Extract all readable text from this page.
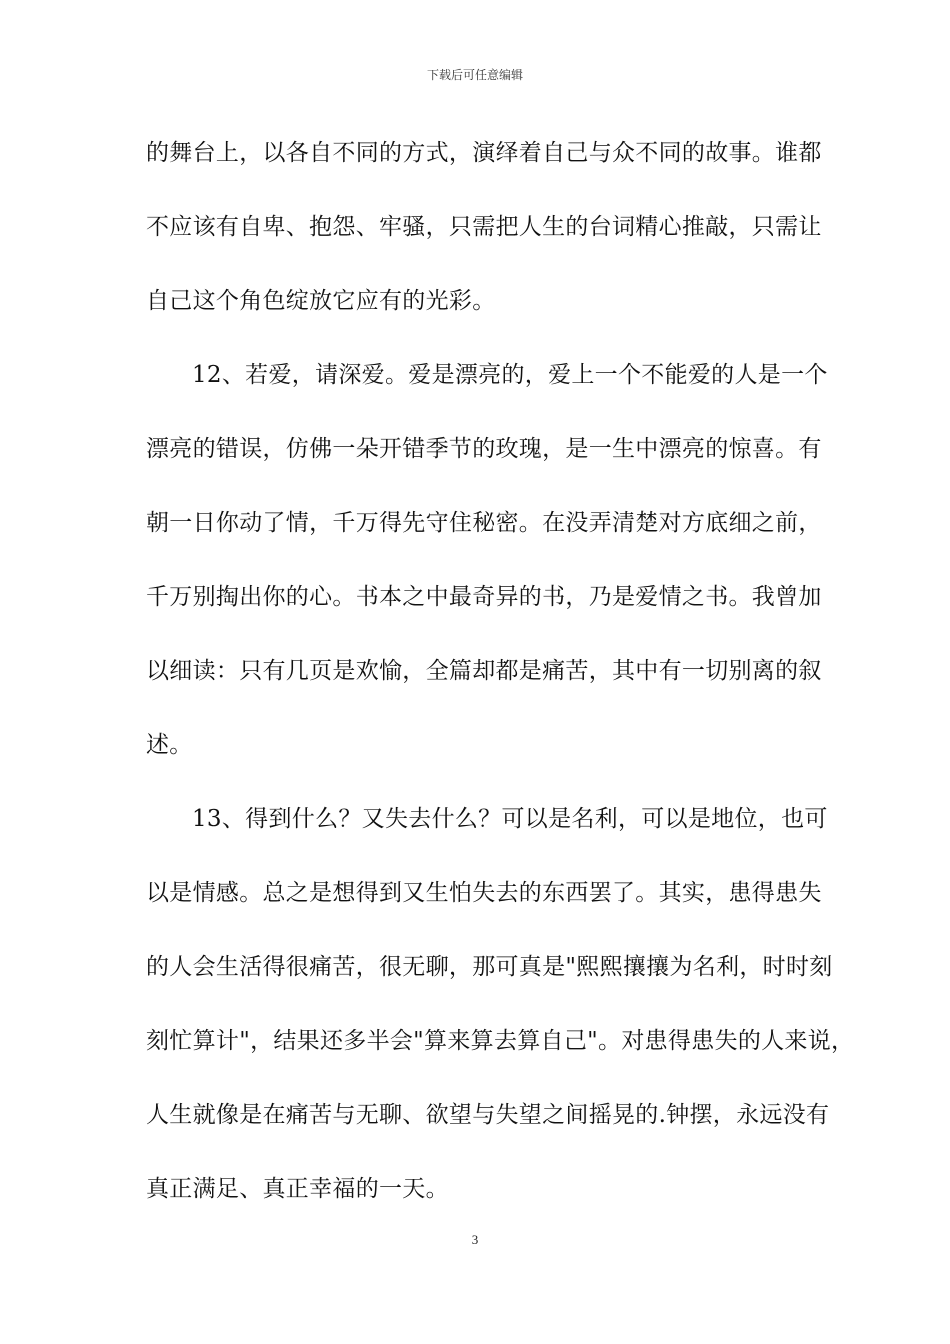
下载后可任意编辑
的舞台上，以各自不同的方式，演绎着自己与众不同的故事。谁都
不应该有自卑、抱怨、牢骚，只需把人生的台词精心推敲，只需让
自己这个角色绽放它应有的光彩。
12、若爱，请深爱。爱是漂亮的，爱上一个不能爱的人是一个
漂亮的错误，仿佛一朵开错季节的玫瑰，是一生中漂亮的惊喜。有
朝一日你动了情，千万得先守住秘密。在没弄清楚对方底细之前，
千万别掏出你的心。书本之中最奇异的书，乃是爱情之书。我曾加
以细读：只有几页是欢愉，全篇却都是痛苦，其中有一切别离的叙
述。
13、得到什么？又失去什么？可以是名利，可以是地位，也可
以是情感。总之是想得到又生怕失去的东西罢了。其实，患得患失
的人会生活得很痛苦，很无聊，那可真是"熙熙攘攘为名利，时时刻
刻忙算计"，结果还多半会"算来算去算自己"。对患得患失的人来说，
人生就像是在痛苦与无聊、欲望与失望之间摇晃的.钟摆，永远没有
真正满足、真正幸福的一天。
3
